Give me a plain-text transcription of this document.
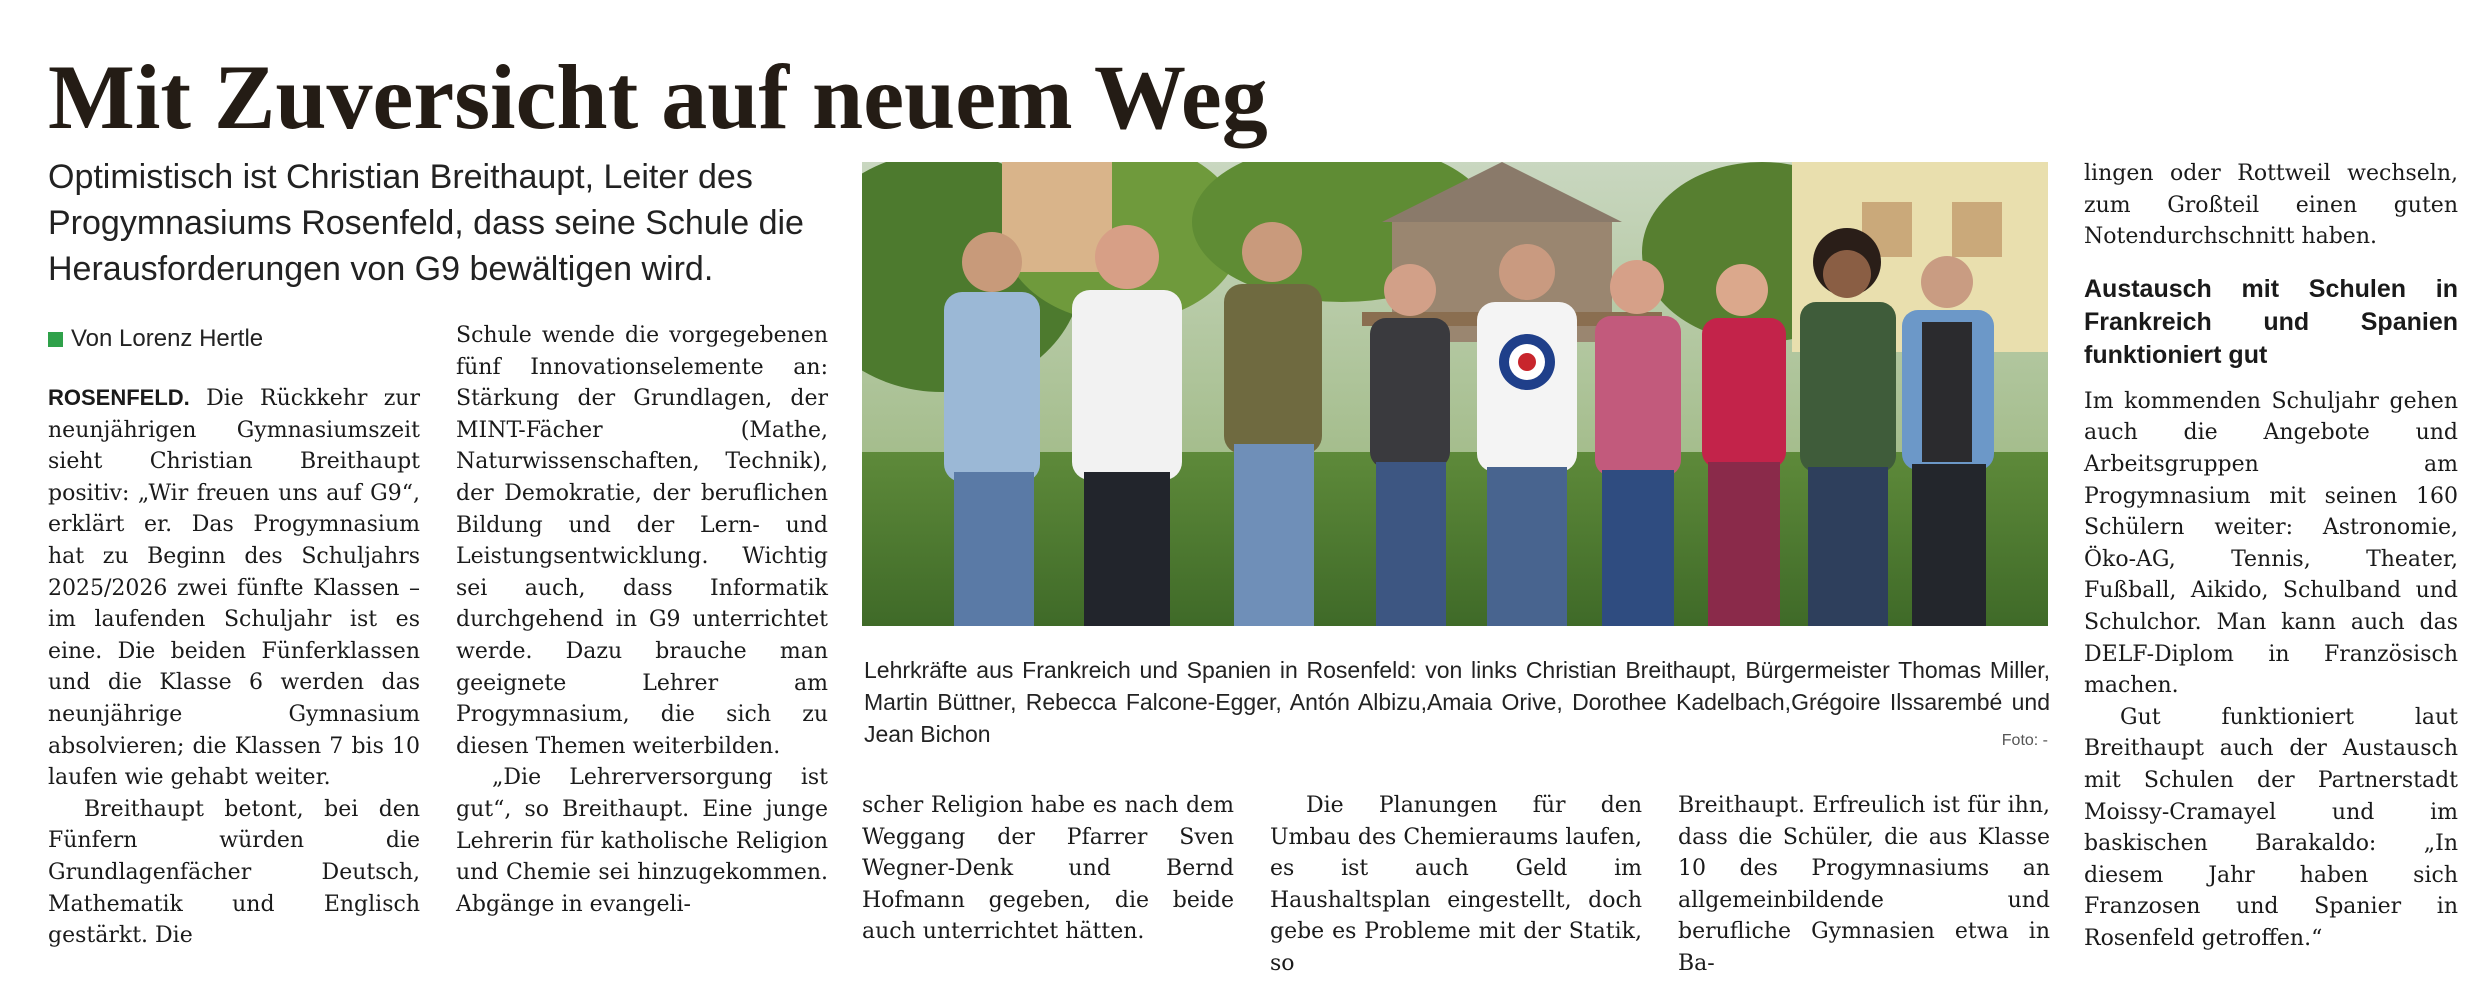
Mit Zuversicht auf neuem Weg
Optimistisch ist Christian Breithaupt, Leiter des Progymnasiums Rosenfeld, dass seine Schule die Herausforderungen von G9 bewältigen wird.
Von Lorenz Hertle

ROSENFELD. Die Rückkehr zur neunjährigen Gymnasiumszeit sieht Christian Breithaupt positiv: „Wir freuen uns auf G9“, erklärt er. Das Progymnasium hat zu Beginn des Schuljahrs 2025/2026 zwei fünfte Klassen – im laufenden Schuljahr ist es eine. Die beiden Fünferklassen und die Klasse 6 werden das neunjährige Gymnasium absolvieren; die Klassen 7 bis 10 laufen wie gehabt weiter.

Breithaupt betont, bei den Fünfern würden die Grundlagenfächer Deutsch, Mathematik und Englisch gestärkt. Die

Schule wende die vorgegebenen fünf Innovationselemente an: Stärkung der Grundlagen, der MINT-Fächer (Mathe, Naturwissenschaften, Technik), der Demokratie, der beruflichen Bildung und der Lern- und Leistungsentwicklung. Wichtig sei auch, dass Informatik durchgehend in G9 unterrichtet werde. Dazu brauche man geeignete Lehrer am Progymnasium, die sich zu diesen Themen weiterbilden.

„Die Lehrerversorgung ist gut“, so Breithaupt. Eine junge Lehrerin für katholische Religion und Chemie sei hinzugekommen. Abgänge in evangeli-

Lehrkräfte aus Frankreich und Spanien in Rosenfeld: von links Christian Breithaupt, Bürgermeister Thomas Miller, Martin Büttner, Rebecca Falcone-Egger, Antón Albizu,Amaia Orive, Dorothee Kadelbach,Grégoire Ilssarembé und Jean Bichon	Foto: -

scher Religion habe es nach dem Weggang der Pfarrer Sven Wegner-Denk und Bernd Hofmann gegeben, die beide auch unterrichtet hätten.

Die Planungen für den Umbau des Chemieraums laufen, es ist auch Geld im Haushaltsplan eingestellt, doch gebe es Probleme mit der Statik, so

Breithaupt. Erfreulich ist für ihn, dass die Schüler, die aus Klasse 10 des Progymnasiums an allgemeinbildende und berufliche Gymnasien etwa in Ba-

lingen oder Rottweil wechseln, zum Großteil einen guten Notendurchschnitt haben.

Austausch mit Schulen in Frankreich und Spanien funktioniert gut

Im kommenden Schuljahr gehen auch die Angebote und Arbeitsgruppen am Progymnasium mit seinen 160 Schülern weiter: Astronomie, Öko-AG, Tennis, Theater, Fußball, Aikido, Schulband und Schulchor. Man kann auch das DELF-Diplom in Französisch machen.

Gut funktioniert laut Breithaupt auch der Austausch mit Schulen der Partnerstadt Moissy-Cramayel und im baskischen Barakaldo: „In diesem Jahr haben sich Franzosen und Spanier in Rosenfeld getroffen.“
